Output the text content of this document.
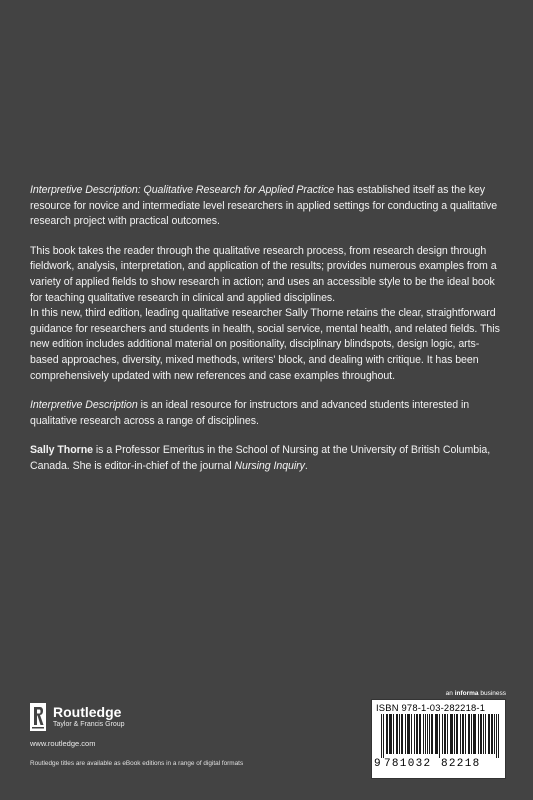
Interpretive Description: Qualitative Research for Applied Practice has established itself as the key resource for novice and intermediate level researchers in applied settings for conducting a qualitative research project with practical outcomes.

This book takes the reader through the qualitative research process, from research design through fieldwork, analysis, interpretation, and application of the results; provides numerous examples from a variety of applied fields to show research in action; and uses an accessible style to be the ideal book for teaching qualitative research in clinical and applied disciplines.

In this new, third edition, leading qualitative researcher Sally Thorne retains the clear, straightforward guidance for researchers and students in health, social service, mental health, and related fields. This new edition includes additional material on positionality, disciplinary blindspots, design logic, arts-based approaches, diversity, mixed methods, writers' block, and dealing with critique. It has been comprehensively updated with new references and case examples throughout.

Interpretive Description is an ideal resource for instructors and advanced students interested in qualitative research across a range of disciplines.

Sally Thorne is a Professor Emeritus in the School of Nursing at the University of British Columbia, Canada. She is editor-in-chief of the journal Nursing Inquiry.

Routledge
Taylor & Francis Group
www.routledge.com
Routledge titles are available as eBook editions in a range of digital formats
an informa business
ISBN 978-1-03-282218-1
9 781032 82218
